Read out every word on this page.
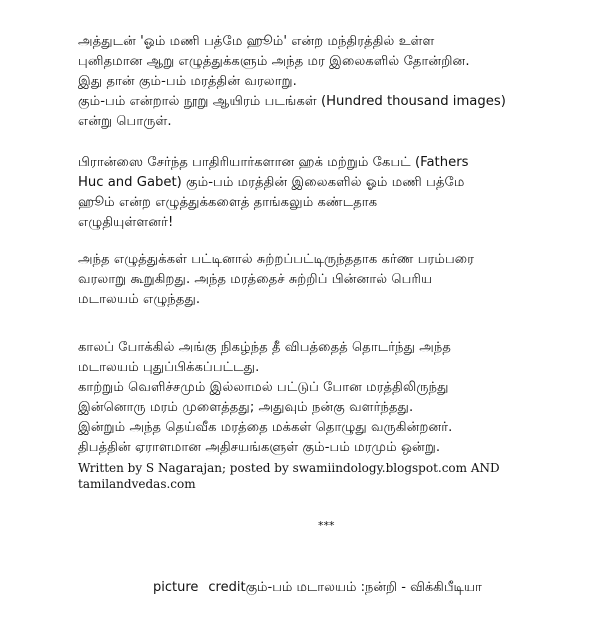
அத்துடன் 'ஓம் மணி பத்மே ஹூம்' என்ற மந்திரத்தில் உள்ள
புனிதமான ஆறு எழுத்துக்களும் அந்த மர இலைகளில் தோன்றின.
இது தான் கும்-பம் மரத்தின் வரலாறு.
கும்-பம் என்றால் நூறு ஆயிரம் படங்கள் (Hundred thousand images)
என்று பொருள்.
பிரான்ஸை சேர்ந்த பாதிரியார்களான ஹக் மற்றும் கேபட் (Fathers
Huc and Gabet) கும்-பம் மரத்தின் இலைகளில் ஓம் மணி பத்மே
ஹூம் என்ற எழுத்துக்களைத் தாங்கலும் கண்டதாக
எழுதியுள்ளனர்!
அந்த எழுத்துக்கள் பட்டினால் சுற்றப்பட்டிருந்ததாக கர்ண பரம்பரை
வரலாறு கூறுகிறது. அந்த மரத்தைச் சுற்றிப் பின்னால் பெரிய
மடாலயம் எழுந்தது.
காலப் போக்கில் அங்கு நிகழ்ந்த தீ விபத்தைத் தொடர்ந்து அந்த
மடாலயம் புதுப்பிக்கப்பட்டது.
காற்றும் வெளிச்சமும் இல்லாமல் பட்டுப் போன மரத்திலிருந்து
இன்னொரு மரம் முளைத்தது; அதுவும் நன்கு வளர்ந்தது.
இன்றும் அந்த தெய்வீக மரத்தை மக்கள் தொழுது வருகின்றனர்.
திபத்தின் ஏராளமான அதிசயங்களுள் கும்-பம் மரமும் ஒன்று.
Written by S Nagarajan; posted by swamiindology.blogspot.com AND
tamilandvedas.com
***
picture creditகும்-பம் மடாலயம் :நன்றி - விக்கிபீடியா
